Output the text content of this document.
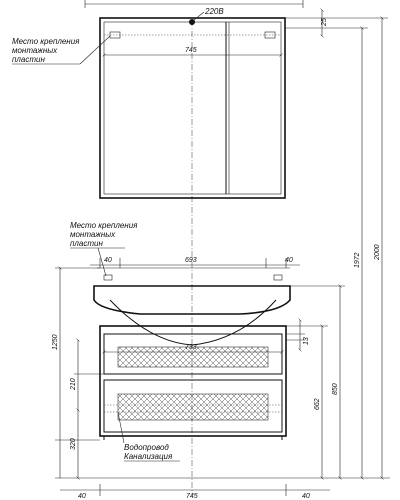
220В
25
745
Место крепления монтажных пластин
Место крепления монтажных пластин
40	693	40
733
13
Водопровод Канализация
1250
210
320
850
662
1972
2000
40	745	40
